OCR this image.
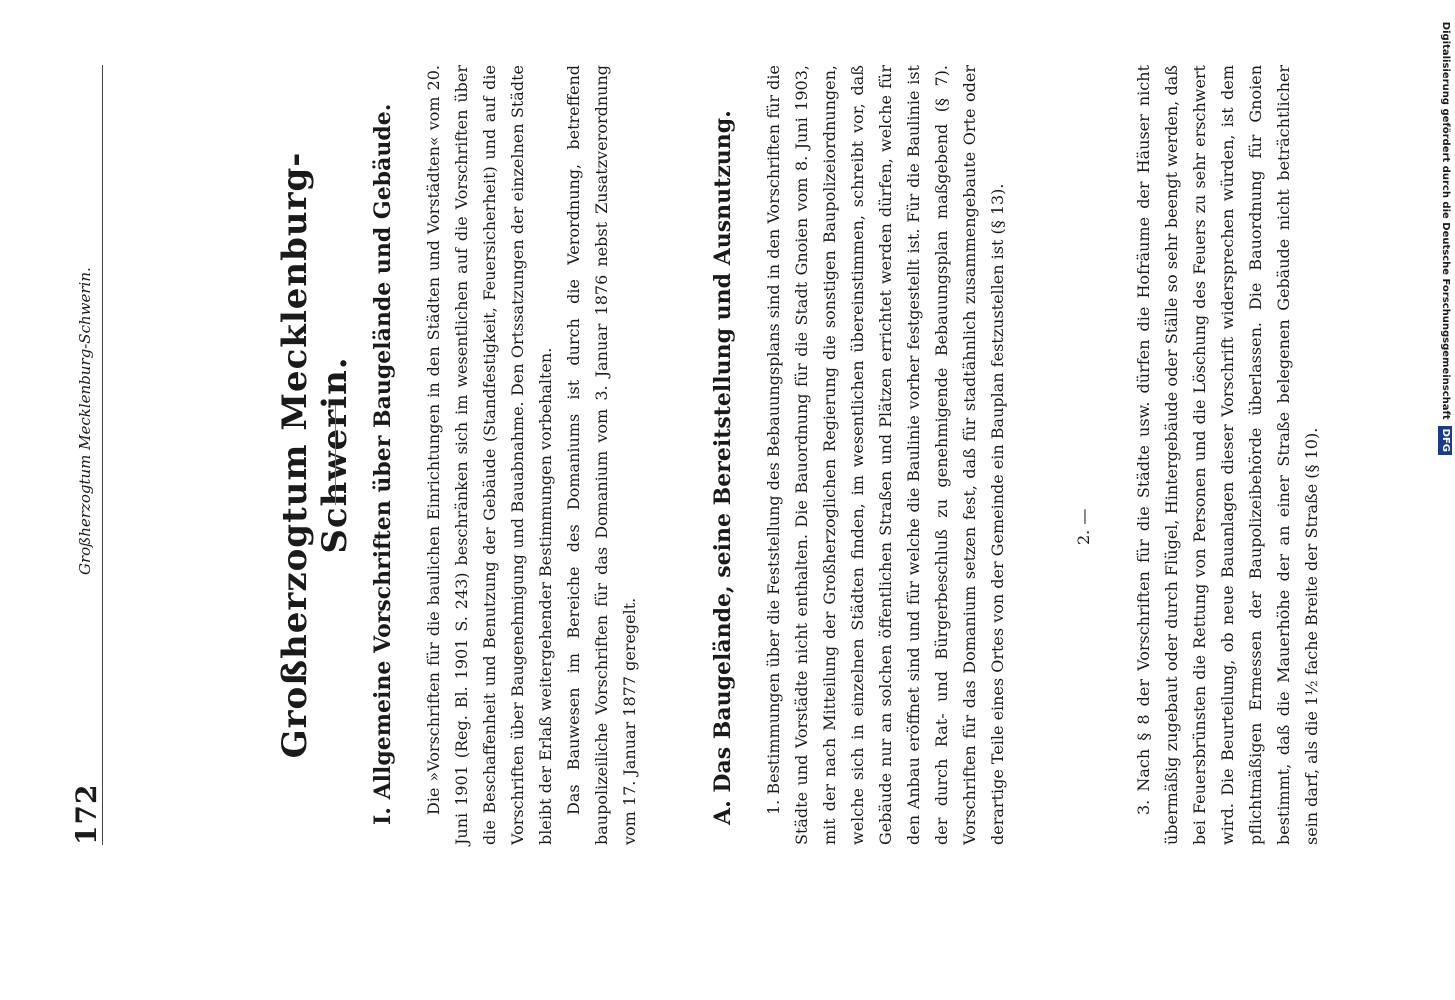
172
Großherzogtum Mecklenburg-Schwerin.	Großherzogtum Mecklenburg-Schwerin. I. Allgemeine Vorschriften über Baugelände und Gebäude. Die »Vorschriften für die baulichen Einrichtungen in den Städten und Vorstädten« vom 20. Juni 1901 (Reg. Bl. 1901 S. 243) beschränken sich im wesentlichen auf die Vorschriften über die Beschaffenheit und Benutzung der Gebäude (Standfestigkeit, Feuersicherheit) und auf die Vorschriften über Baugenehmigung und Bauabnahme. Den Ortssatzungen der einzelnen Städte bleibt der Erlaß weitergehender Bestimmungen vorbehalten. Das Bauwesen im Bereiche des Domaniums ist durch die Verordnung, betreffend baupolizeiliche Vorschriften für das Domanium vom 3. Januar 1876 nebst Zusatzverordnung vom 17. Januar 1877 geregelt.	A. Das Baugelände, seine Bereitstellung und Ausnutzung. 1. Bestimmungen über die Feststellung des Bebauungsplans sind in den Vorschriften für die Städte und Vorstädte nicht enthalten. Die Bauordnung für die Stadt Gnoien vom 8. Juni 1903, mit der nach Mitteilung der Großherzoglichen Regierung die sonstigen Baupolizeiordnungen, welche sich in einzelnen Städten finden, im wesentlichen übereinstimmen, schreibt vor, daß Gebäude nur an solchen öffentlichen Straßen und Plätzen errichtet werden dürfen, welche für den Anbau eröffnet sind und für welche die Baulinie vorher festgestellt ist. Für die Baulinie ist der durch Rat- und Bürgerbeschluß zu genehmigende Bebauungsplan maßgebend (§ 7). Vorschriften für das Domanium setzen fest, daß für stadtähnlich zusammengebaute Orte oder derartige Teile eines Ortes von der Gemeinde ein Bauplan festzustellen ist (§ 13).	2. —	3. Nach § 8 der Vorschriften für die Städte usw. dürfen die Hofräume der Häuser nicht übermäßig zugebaut oder durch Flügel, Hintergebäude oder Ställe so sehr beengt werden, daß bei Feuersbrünsten die Rettung von Personen und die Löschung des Feuers zu sehr erschwert wird. Die Beurteilung, ob neue Bauanlagen dieser Vorschrift widersprechen würden, ist dem pflichtmäßigen Ermessen der Baupolizeibehörde überlassen. Die Bauordnung für Gnoien bestimmt, daß die Mauerhöhe der an einer Straße belegenen Gebäude nicht beträchtlicher sein darf, als die 1½ fache Breite der Straße (§ 10).

Digitalisierung gefördert durch die Deutsche ForschungsgemeinschaftDFG
